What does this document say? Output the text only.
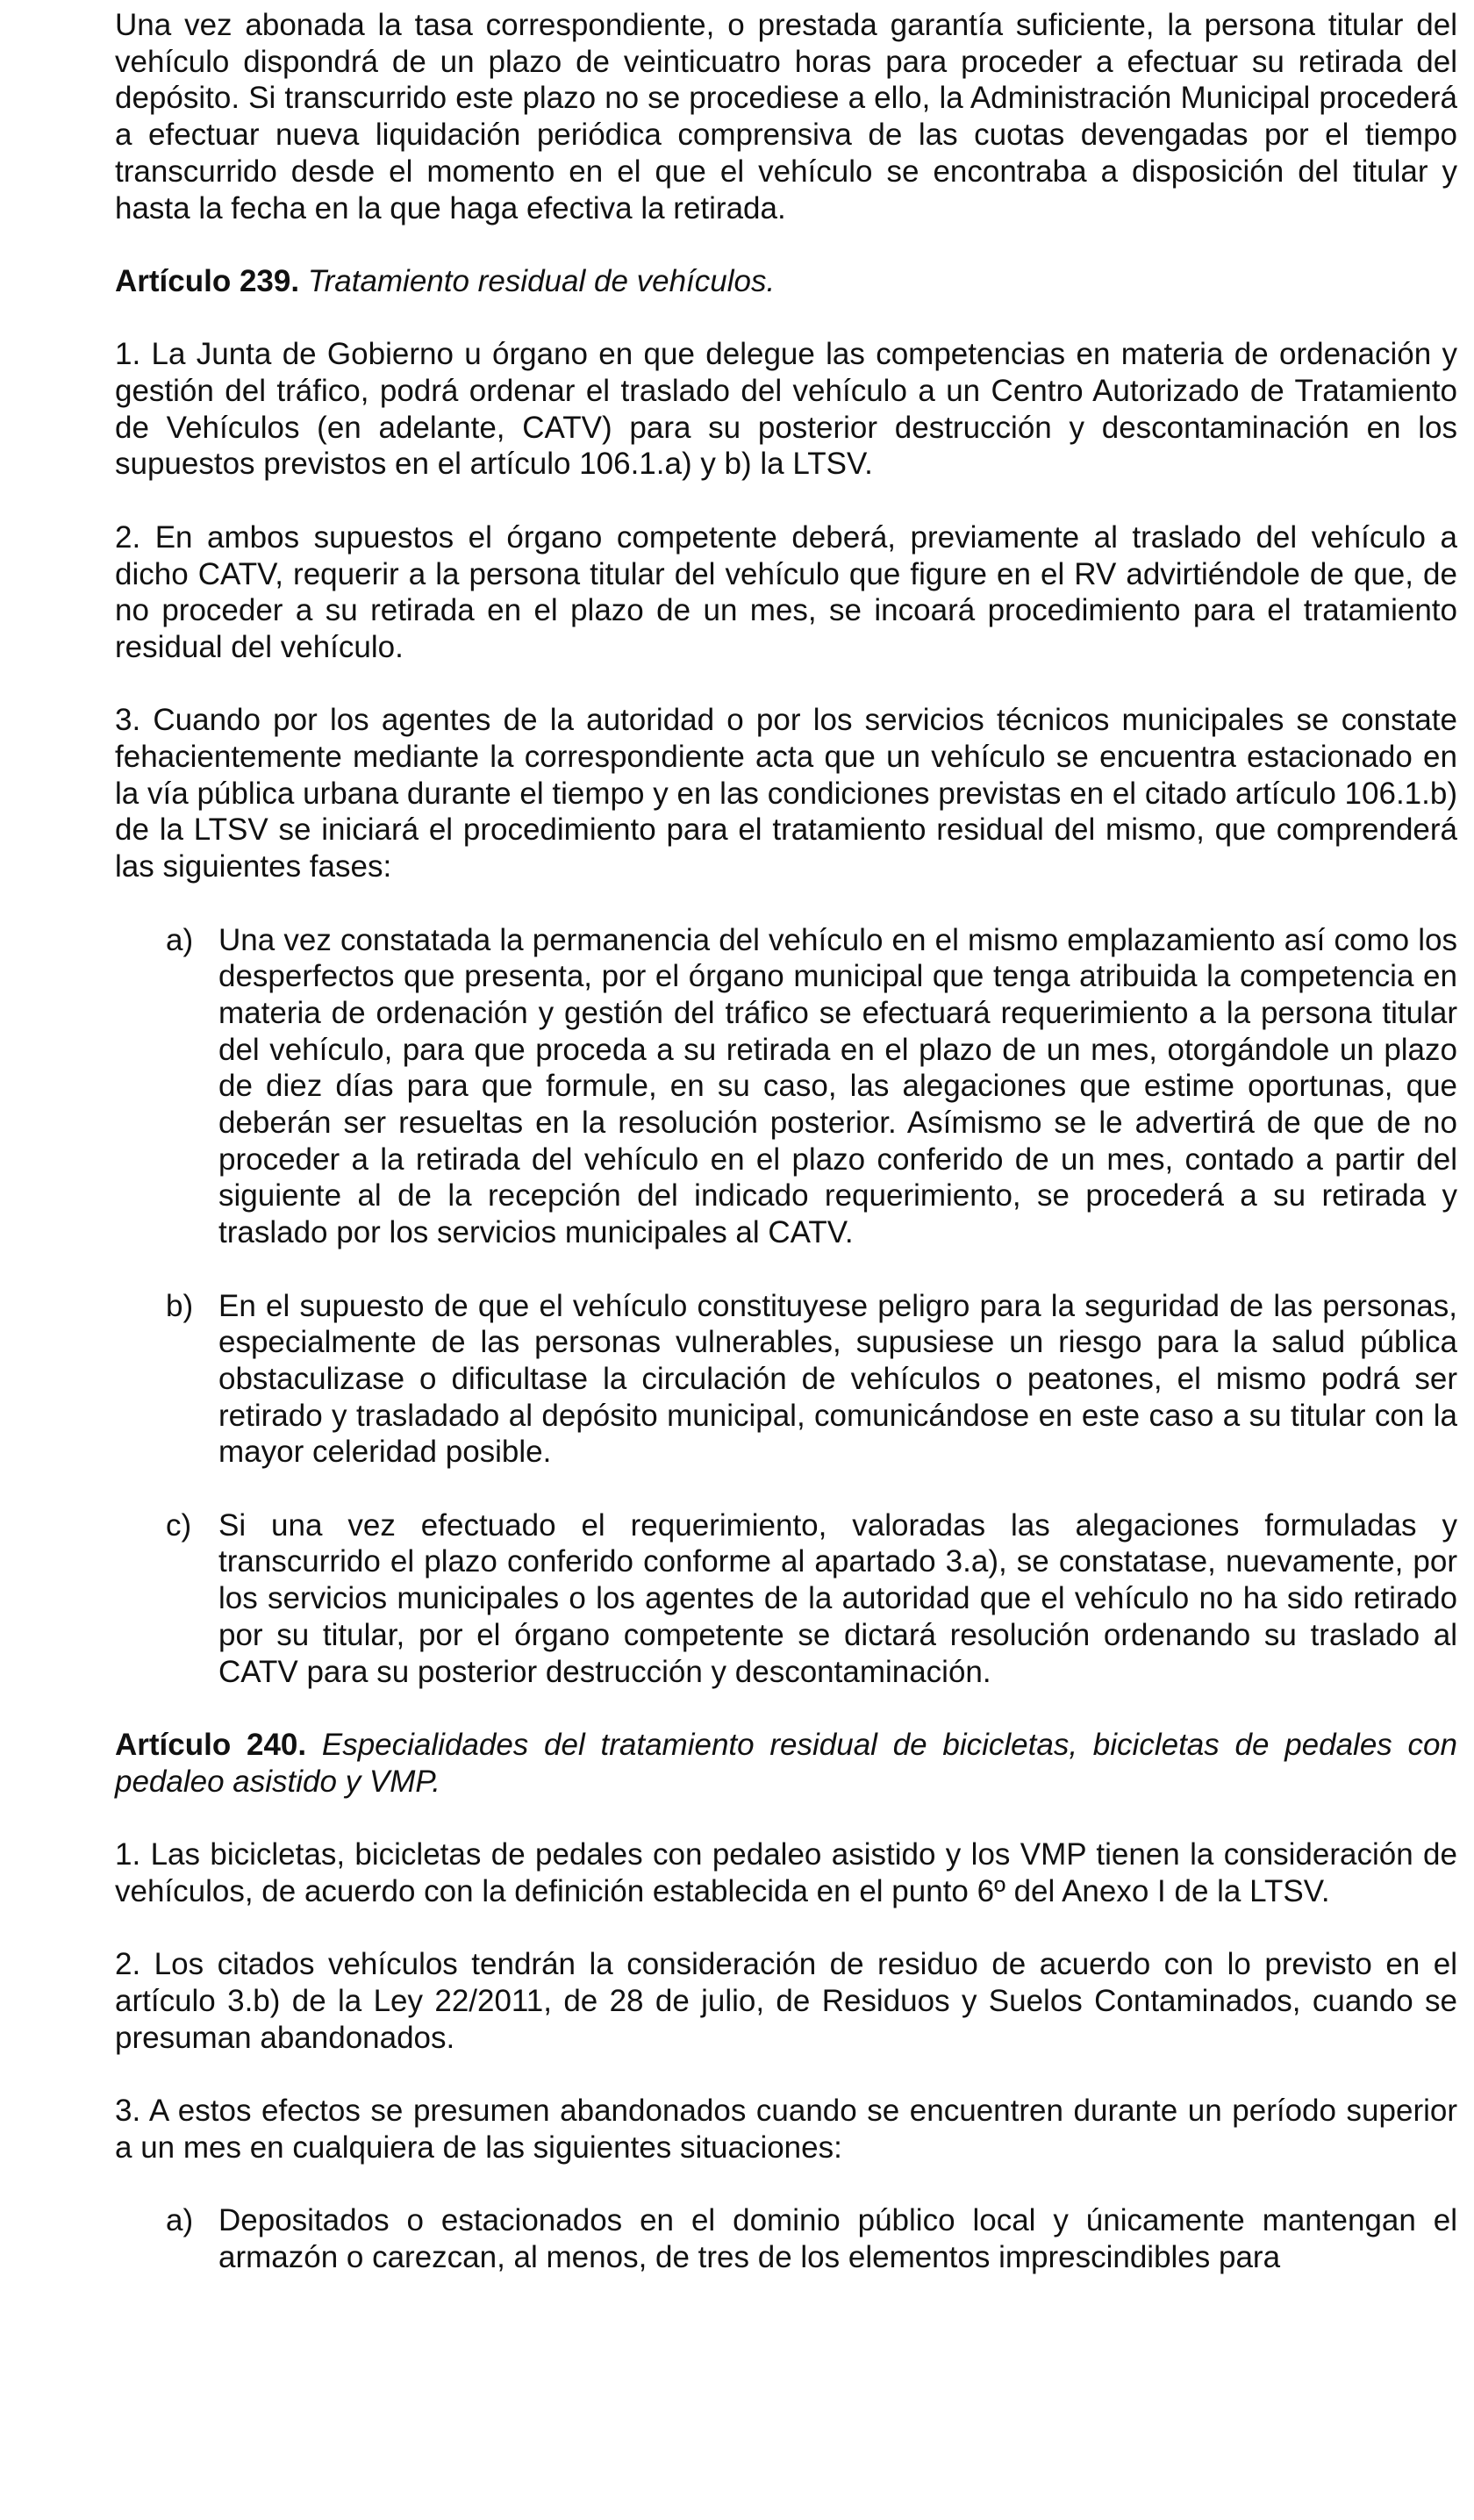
Una vez abonada la tasa correspondiente, o prestada garantía suficiente, la persona titular del vehículo dispondrá de un plazo de veinticuatro horas para proceder a efectuar su retirada del depósito. Si transcurrido este plazo no se procediese a ello, la Administración Municipal procederá a efectuar nueva liquidación periódica comprensiva de las cuotas devengadas por el tiempo transcurrido desde el momento en el que el vehículo se encontraba a disposición del titular y hasta la fecha en la que haga efectiva la retirada.

Artículo 239. Tratamiento residual de vehículos.

1. La Junta de Gobierno u órgano en que delegue las competencias en materia de ordenación y gestión del tráfico, podrá ordenar el traslado del vehículo a un Centro Autorizado de Tratamiento de Vehículos (en adelante, CATV) para su posterior destrucción y descontaminación en los supuestos previstos en el artículo 106.1.a) y b) la LTSV.

2. En ambos supuestos el órgano competente deberá, previamente al traslado del vehículo a dicho CATV, requerir a la persona titular del vehículo que figure en el RV advirtiéndole de que, de no proceder a su retirada en el plazo de un mes, se incoará procedimiento para el tratamiento residual del vehículo.

3. Cuando por los agentes de la autoridad o por los servicios técnicos municipales se constate fehacientemente mediante la correspondiente acta que un vehículo se encuentra estacionado en la vía pública urbana durante el tiempo y en las condiciones previstas en el citado artículo 106.1.b) de la LTSV se iniciará el procedimiento para el tratamiento residual del mismo, que comprenderá las siguientes fases:

a) Una vez constatada la permanencia del vehículo en el mismo emplazamiento así como los desperfectos que presenta, por el órgano municipal que tenga atribuida la competencia en materia de ordenación y gestión del tráfico se efectuará requerimiento a la persona titular del vehículo, para que proceda a su retirada en el plazo de un mes, otorgándole un plazo de diez días para que formule, en su caso, las alegaciones que estime oportunas, que deberán ser resueltas en la resolución posterior. Asímismo se le advertirá de que de no proceder a la retirada del vehículo en el plazo conferido de un mes, contado a partir del siguiente al de la recepción del indicado requerimiento, se procederá a su retirada y traslado por los servicios municipales al CATV.
b) En el supuesto de que el vehículo constituyese peligro para la seguridad de las personas, especialmente de las personas vulnerables, supusiese un riesgo para la salud pública obstaculizase o dificultase la circulación de vehículos o peatones, el mismo podrá ser retirado y trasladado al depósito municipal, comunicándose en este caso a su titular con la mayor celeridad posible.
c) Si una vez efectuado el requerimiento, valoradas las alegaciones formuladas y transcurrido el plazo conferido conforme al apartado 3.a), se constatase, nuevamente, por los servicios municipales o los agentes de la autoridad que el vehículo no ha sido retirado por su titular, por el órgano competente se dictará resolución ordenando su traslado al CATV para su posterior destrucción y descontaminación.

Artículo 240. Especialidades del tratamiento residual de bicicletas, bicicletas de pedales con pedaleo asistido y VMP.

1. Las bicicletas, bicicletas de pedales con pedaleo asistido y los VMP tienen la consideración de vehículos, de acuerdo con la definición establecida en el punto 6º del Anexo I de la LTSV.

2. Los citados vehículos tendrán la consideración de residuo de acuerdo con lo previsto en el artículo 3.b) de la Ley 22/2011, de 28 de julio, de Residuos y Suelos Contaminados, cuando se presuman abandonados.

3. A estos efectos se presumen abandonados cuando se encuentren durante un período superior a un mes en cualquiera de las siguientes situaciones:

a) Depositados o estacionados en el dominio público local y únicamente mantengan el armazón o carezcan, al menos, de tres de los elementos imprescindibles para
